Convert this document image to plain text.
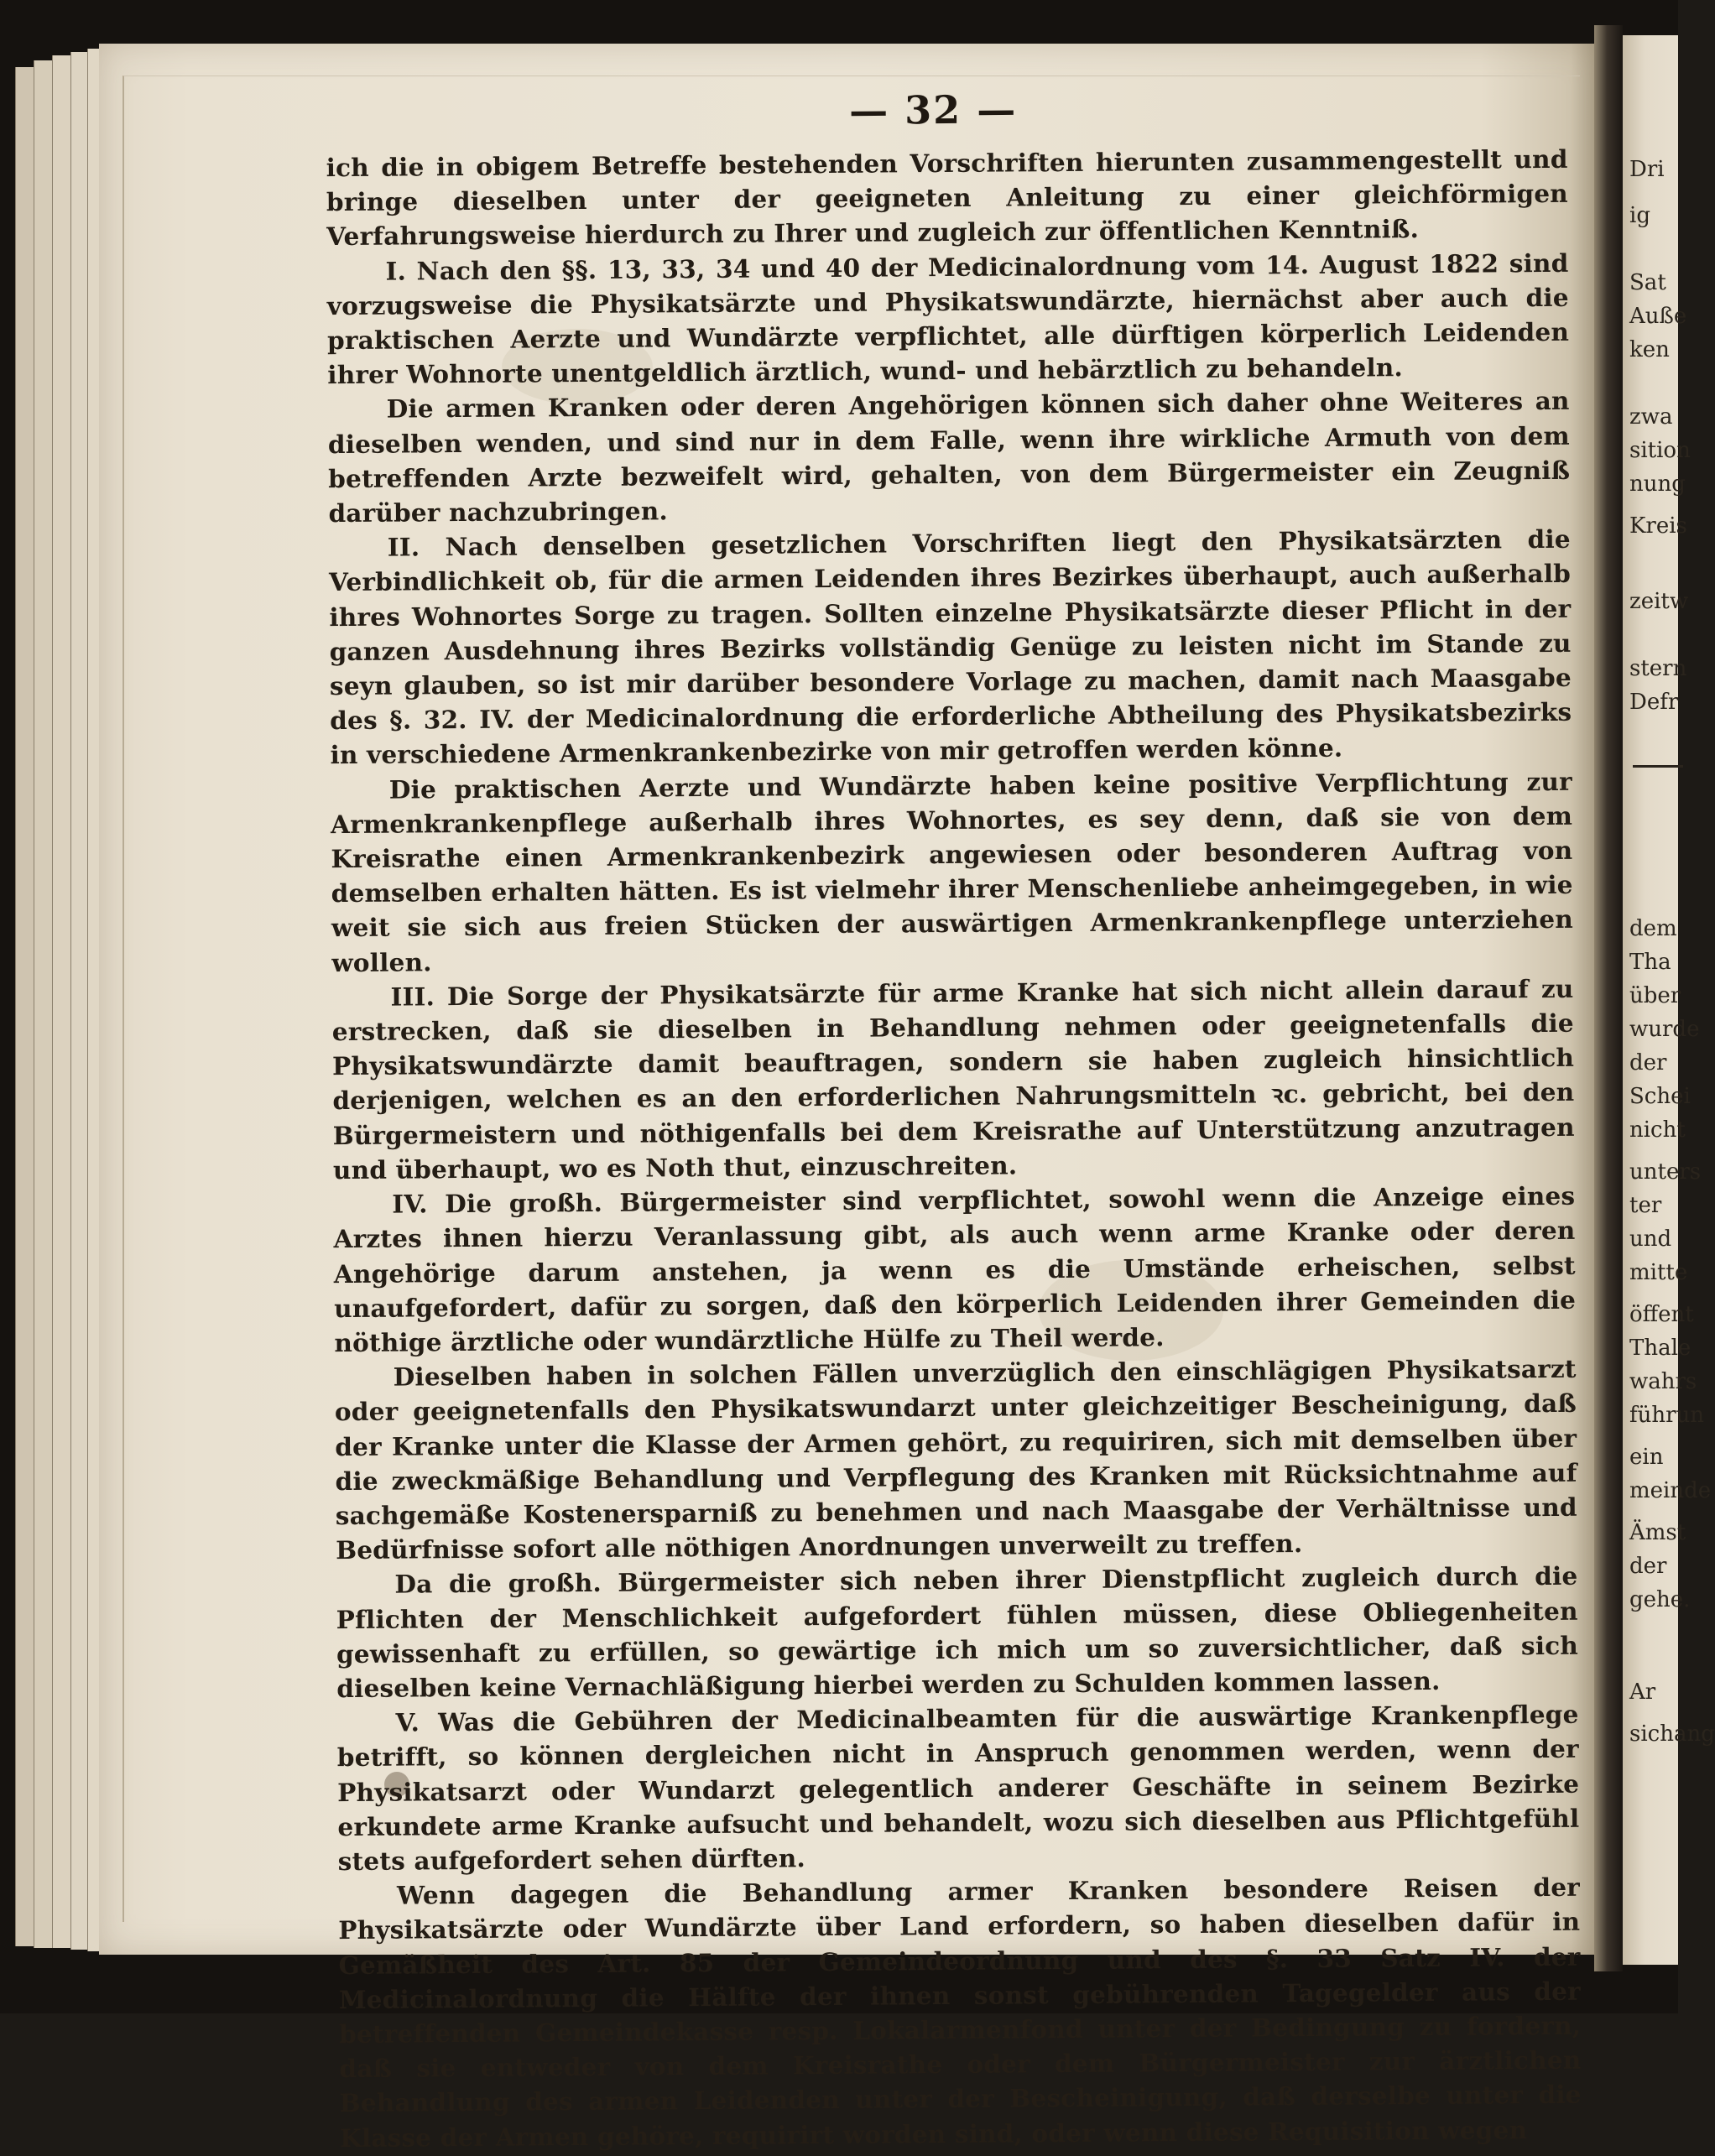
Dri
ig
Sat
Auße
ken
zwa
sition
nung
Kreis
zeitw
stern
Defr
dem
Tha
über
wurde
der
Schei
nicht
unters
ter
und
mitte
öffent
Thale
wahrs
führun
ein
meinde
Ämst
der
gehe.
Ar
sichang
— 32 —

ich die in obigem Betreffe bestehenden Vorschriften hierunten zusammengestellt und bringe dieselben unter der geeigneten Anleitung zu einer gleichförmigen Verfahrungsweise hierdurch zu Ihrer und zugleich zur öffentlichen Kenntniß.

I. Nach den §§. 13, 33, 34 und 40 der Medicinalordnung vom 14. August 1822 sind vorzugsweise die Physikatsärzte und Physikatswundärzte, hiernächst aber auch die praktischen Aerzte und Wundärzte verpflichtet, alle dürftigen körperlich Leidenden ihrer Wohnorte unentgeldlich ärztlich, wund- und hebärztlich zu behandeln.

Die armen Kranken oder deren Angehörigen können sich daher ohne Weiteres an dieselben wenden, und sind nur in dem Falle, wenn ihre wirkliche Armuth von dem betreffenden Arzte bezweifelt wird, gehalten, von dem Bürgermeister ein Zeugniß darüber nachzubringen.

II. Nach denselben gesetzlichen Vorschriften liegt den Physikatsärzten die Verbindlichkeit ob, für die armen Leidenden ihres Bezirkes überhaupt, auch außerhalb ihres Wohnortes Sorge zu tragen. Sollten einzelne Physikatsärzte dieser Pflicht in der ganzen Ausdehnung ihres Bezirks vollständig Genüge zu leisten nicht im Stande zu seyn glauben, so ist mir darüber besondere Vorlage zu machen, damit nach Maasgabe des §. 32. IV. der Medicinalordnung die erforderliche Abtheilung des Physikatsbezirks in verschiedene Armenkrankenbezirke von mir getroffen werden könne.

Die praktischen Aerzte und Wundärzte haben keine positive Verpflichtung zur Armenkrankenpflege außerhalb ihres Wohnortes, es sey denn, daß sie von dem Kreisrathe einen Armenkrankenbezirk angewiesen oder besonderen Auftrag von demselben erhalten hätten. Es ist vielmehr ihrer Menschenliebe anheimgegeben, in wie weit sie sich aus freien Stücken der auswärtigen Armenkrankenpflege unterziehen wollen.

III. Die Sorge der Physikatsärzte für arme Kranke hat sich nicht allein darauf zu erstrecken, daß sie dieselben in Behandlung nehmen oder geeignetenfalls die Physikatswundärzte damit beauftragen, sondern sie haben zugleich hinsichtlich derjenigen, welchen es an den erforderlichen Nahrungsmitteln ꝛc. gebricht, bei den Bürgermeistern und nöthigenfalls bei dem Kreisrathe auf Unterstützung anzutragen und überhaupt, wo es Noth thut, einzuschreiten.

IV. Die großh. Bürgermeister sind verpflichtet, sowohl wenn die Anzeige eines Arztes ihnen hierzu Veranlassung gibt, als auch wenn arme Kranke oder deren Angehörige darum anstehen, ja wenn es die Umstände erheischen, selbst unaufgefordert, dafür zu sorgen, daß den körperlich Leidenden ihrer Gemeinden die nöthige ärztliche oder wundärztliche Hülfe zu Theil werde.

Dieselben haben in solchen Fällen unverzüglich den einschlägigen Physikatsarzt oder geeignetenfalls den Physikatswundarzt unter gleichzeitiger Bescheinigung, daß der Kranke unter die Klasse der Armen gehört, zu requiriren, sich mit demselben über die zweckmäßige Behandlung und Verpflegung des Kranken mit Rücksichtnahme auf sachgemäße Kostenersparniß zu benehmen und nach Maasgabe der Verhältnisse und Bedürfnisse sofort alle nöthigen Anordnungen unverweilt zu treffen.

Da die großh. Bürgermeister sich neben ihrer Dienstpflicht zugleich durch die Pflichten der Menschlichkeit aufgefordert fühlen müssen, diese Obliegenheiten gewissenhaft zu erfüllen, so gewärtige ich mich um so zuversichtlicher, daß sich dieselben keine Vernachläßigung hierbei werden zu Schulden kommen lassen.

V. Was die Gebühren der Medicinalbeamten für die auswärtige Krankenpflege betrifft, so können dergleichen nicht in Anspruch genommen werden, wenn der Physikatsarzt oder Wundarzt gelegentlich anderer Geschäfte in seinem Bezirke erkundete arme Kranke aufsucht und behandelt, wozu sich dieselben aus Pflichtgefühl stets aufgefordert sehen dürften.

Wenn dagegen die Behandlung armer Kranken besondere Reisen der Physikatsärzte oder Wundärzte über Land erfordern, so haben dieselben dafür in Gemäßheit des Art. 85 der Gemeindeordnung und des §. 33 Satz IV. der Medicinalordnung die Hälfte der ihnen sonst gebührenden Tagegelder aus der betreffenden Gemeindekasse resp. Lokalarmenfond unter der Bedingung zu fordern, daß sie entweder von dem Kreisrathe oder dem Bürgermeister zur ärztlichen Behandlung des armen Leidenden unter der Bescheinigung, daß derselbe unter die Klasse der Armen gehöre, requirirt worden sind, oder wenn diese Requisition wegen
